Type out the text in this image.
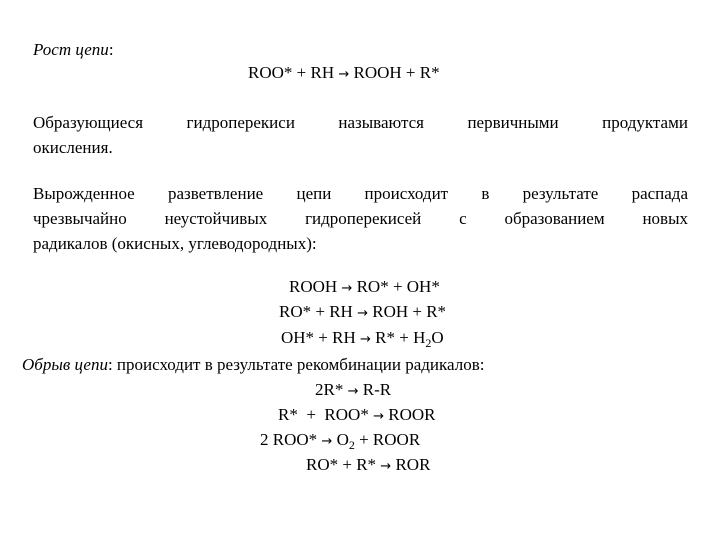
Рост цепи:
ROO* + RH → ROOH + R*
Образующиеся	гидроперекиси	называются	первичными	продуктами
окисления.
Вырожденное разветвление цепи происходит в результате распада
чрезвычайно неустойчивых гидроперекисей с образованием новых
радикалов (окисных, углеводородных):
ROOH → RO* + OH*
RO* + RH → ROH + R*
OH* + RH → $R* + H_2O$
Обрыв цепи: происходит в результате рекомбинации радикалов:
2R* → R-R
R*  +  ROO* → ROOR
2 $ROO* \to O_2$ + ROOR
RO* + R* → ROR
